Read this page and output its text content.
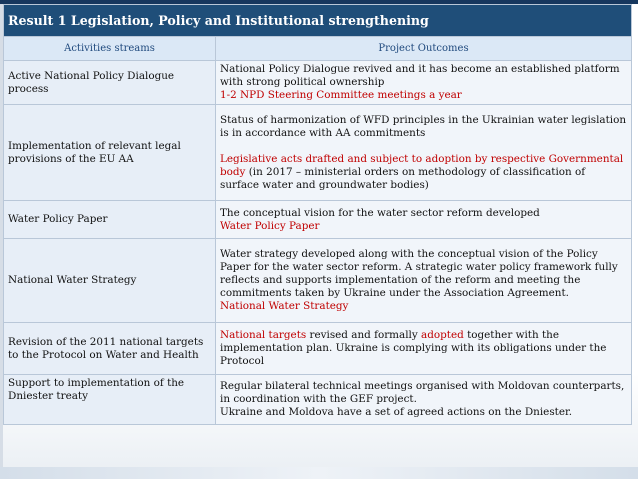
Result 1 Legislation, Policy and Institutional strengthening	
Activities streams	Project Outcomes
Active National Policy Dialogue process	National Policy Dialogue revived and it has become an established platform with strong political ownership
1-2 NPD Steering Committee meetings a year
Implementation of relevant legal provisions of the EU AA	Status of harmonization of WFD principles in the Ukrainian water legislation is in accordance with AA commitments
Legislative acts drafted and subject to adoption by respective Governmental body (in 2017 – ministerial orders on methodology of classification of surface water and groundwater bodies)
Water Policy Paper	The conceptual vision for the water sector reform developed
Water Policy Paper
National Water Strategy	Water strategy developed along with the conceptual vision of the Policy Paper for the water sector reform. A strategic water policy framework fully reflects and supports implementation of the reform and meeting the commitments taken by Ukraine under the Association Agreement.
National Water Strategy
Revision of the 2011 national targets to the Protocol on Water and Health	National targets revised and formally adopted together with the implementation plan. Ukraine is complying with its obligations under the Protocol
Support to implementation of the Dniester treaty	Regular bilateral technical meetings organised with Moldovan counterparts, in coordination with the GEF project.
Ukraine and Moldova have a set of agreed actions on the Dniester.
